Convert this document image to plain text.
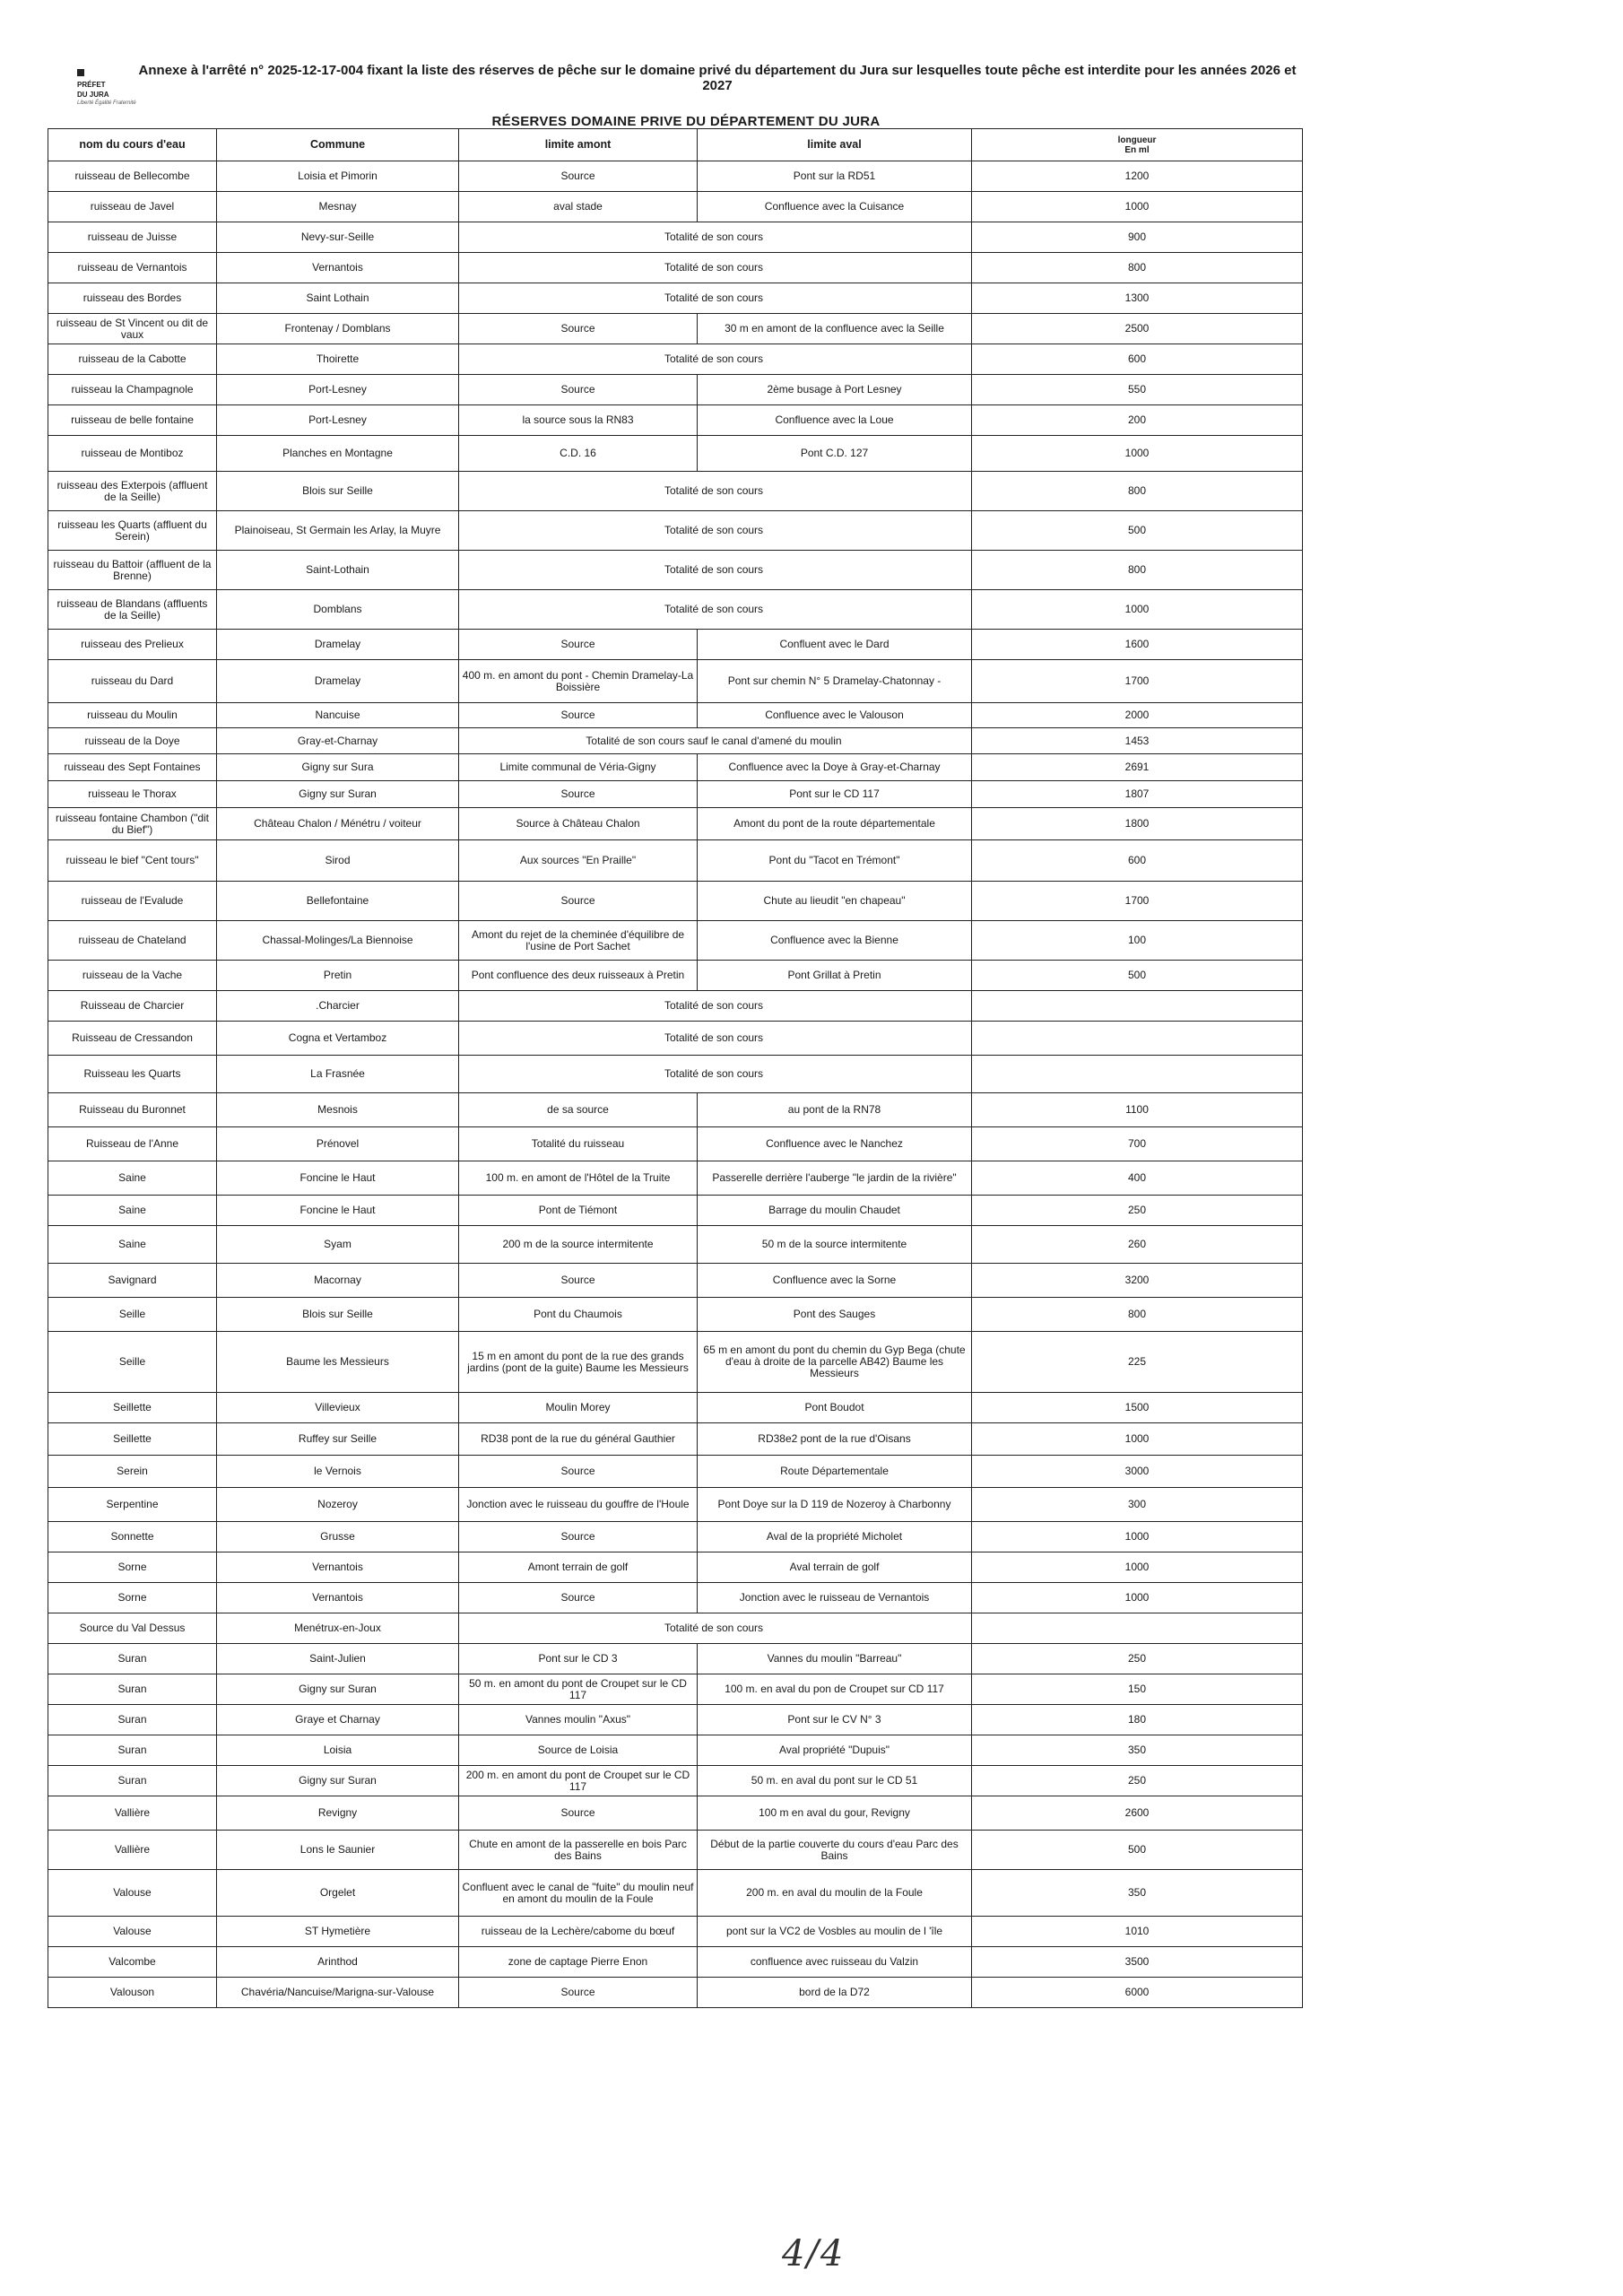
PRÉFET
DU JURA
Liberté Égalité Fraternité
Annexe à l'arrêté n° 2025-12-17-004 fixant la liste des réserves de pêche sur le domaine privé du département du Jura sur lesquelles toute pêche est interdite pour les années 2026 et 2027
RÉSERVES DOMAINE PRIVE DU DÉPARTEMENT DU JURA
nom du cours d'eau	Commune	limite amont	limite aval	longueur
En ml
ruisseau de Bellecombe	Loisia et Pimorin	Source	Pont sur la RD51	1200
ruisseau de Javel	Mesnay	aval stade	Confluence avec la Cuisance	1000
ruisseau de Juisse	Nevy-sur-Seille	Totalité de son cours		900
ruisseau de Vernantois	Vernantois	Totalité de son cours		800
ruisseau des Bordes	Saint Lothain	Totalité de son cours		1300
ruisseau de St Vincent ou dit de vaux	Frontenay / Domblans	Source	30 m en amont de la confluence avec la Seille	2500
ruisseau de la Cabotte	Thoirette	Totalité de son cours		600
ruisseau la Champagnole	Port-Lesney	Source	2ème busage à Port Lesney	550
ruisseau de belle fontaine	Port-Lesney	la source sous la RN83	Confluence avec la Loue	200
ruisseau de Montiboz	Planches en Montagne	C.D. 16	Pont C.D. 127	1000
ruisseau des Exterpois (affluent de la Seille)	Blois sur Seille	Totalité de son cours		800
ruisseau les Quarts (affluent du Serein)	Plainoiseau, St Germain les Arlay, la Muyre	Totalité de son cours		500
ruisseau du Battoir (affluent de la Brenne)	Saint-Lothain	Totalité de son cours		800
ruisseau de Blandans (affluents de la Seille)	Domblans	Totalité de son cours		1000
ruisseau des Prelieux	Dramelay	Source	Confluent avec le Dard	1600
ruisseau du Dard	Dramelay	400 m. en amont du pont - Chemin Dramelay-La Boissière	Pont sur chemin N° 5 Dramelay-Chatonnay -	1700
ruisseau du Moulin	Nancuise	Source	Confluence avec le Valouson	2000
ruisseau de la Doye	Gray-et-Charnay	Totalité de son cours sauf le canal d'amené du moulin		1453
ruisseau des Sept Fontaines	Gigny sur Sura	Limite communal de Véria-Gigny	Confluence avec la Doye à Gray-et-Charnay	2691
ruisseau le Thorax	Gigny sur Suran	Source	Pont sur le CD 117	1807
ruisseau fontaine Chambon ("dit du Bief")	Château Chalon / Ménétru / voiteur	Source à Château Chalon	Amont du pont de la route départementale	1800
ruisseau le bief "Cent tours"	Sirod	Aux sources "En Praille"	Pont du "Tacot en Trémont"	600
ruisseau de l'Evalude	Bellefontaine	Source	Chute au lieudit "en chapeau"	1700
ruisseau de Chateland	Chassal-Molinges/La Biennoise	Amont du rejet de la cheminée d'équilibre de l'usine de Port Sachet	Confluence avec la Bienne	100
ruisseau de la Vache	Pretin	Pont confluence des deux ruisseaux à Pretin	Pont Grillat à Pretin	500
Ruisseau de Charcier	.Charcier	Totalité de son cours		
Ruisseau de Cressandon	Cogna et Vertamboz	Totalité de son cours		
Ruisseau les Quarts	La Frasnée	Totalité de son cours		
Ruisseau du Buronnet	Mesnois	de sa source	au pont de la RN78	1100
Ruisseau de l'Anne	Prénovel	Totalité du ruisseau	Confluence avec le Nanchez	700
Saine	Foncine le Haut	100 m. en amont de l'Hôtel de la Truite	Passerelle derrière l'auberge "le jardin de la rivière"	400
Saine	Foncine le Haut	Pont de Tiémont	Barrage du moulin Chaudet	250
Saine	Syam	200 m de la source intermitente	50 m de la source intermitente	260
Savignard	Macornay	Source	Confluence avec la Sorne	3200
Seille	Blois sur Seille	Pont du Chaumois	Pont des Sauges	800
Seille	Baume les Messieurs	15 m en amont du pont de la rue des grands jardins (pont de la guite) Baume les Messieurs	65 m en amont du pont du chemin du Gyp Bega (chute d'eau à droite de la parcelle AB42) Baume les Messieurs	225
Seillette	Villevieux	Moulin Morey	Pont Boudot	1500
Seillette	Ruffey sur Seille	RD38 pont de la rue du général Gauthier	RD38e2 pont de la rue d'Oisans	1000
Serein	le Vernois	Source	Route Départementale	3000
Serpentine	Nozeroy	Jonction avec le ruisseau du gouffre de l'Houle	Pont Doye sur la D 119 de Nozeroy à Charbonny	300
Sonnette	Grusse	Source	Aval de la propriété Micholet	1000
Sorne	Vernantois	Amont terrain de golf	Aval terrain de golf	1000
Sorne	Vernantois	Source	Jonction avec le ruisseau de Vernantois	1000
Source du Val Dessus	Menétrux-en-Joux	Totalité de son cours		
Suran	Saint-Julien	Pont sur le CD 3	Vannes du moulin "Barreau"	250
Suran	Gigny sur Suran	50 m. en amont du pont de Croupet sur le CD 117	100 m. en aval du pon de Croupet sur CD 117	150
Suran	Graye et Charnay	Vannes moulin "Axus"	Pont sur le CV N° 3	180
Suran	Loisia	Source de Loisia	Aval propriété "Dupuis"	350
Suran	Gigny sur Suran	200 m. en amont du pont de Croupet sur le CD 117	50 m. en aval du pont sur le CD 51	250
Vallière	Revigny	Source	100 m en aval du gour, Revigny	2600
Vallière	Lons le Saunier	Chute en amont de la passerelle en bois Parc des Bains	Début de la partie couverte du cours d'eau Parc des Bains	500
Valouse	Orgelet	Confluent avec le canal de "fuite" du moulin neuf en amont du moulin de la Foule	200 m. en aval du moulin de la Foule	350
Valouse	ST Hymetière	ruisseau de la Lechère/cabome du bœuf	pont sur la VC2 de Vosbles au moulin de l 'île	1010
Valcombe	Arinthod	zone de captage Pierre Enon	confluence avec ruisseau du Valzin	3500
Valouson	Chavéria/Nancuise/Marigna-sur-Valouse	Source	bord de la D72	6000
4/4
